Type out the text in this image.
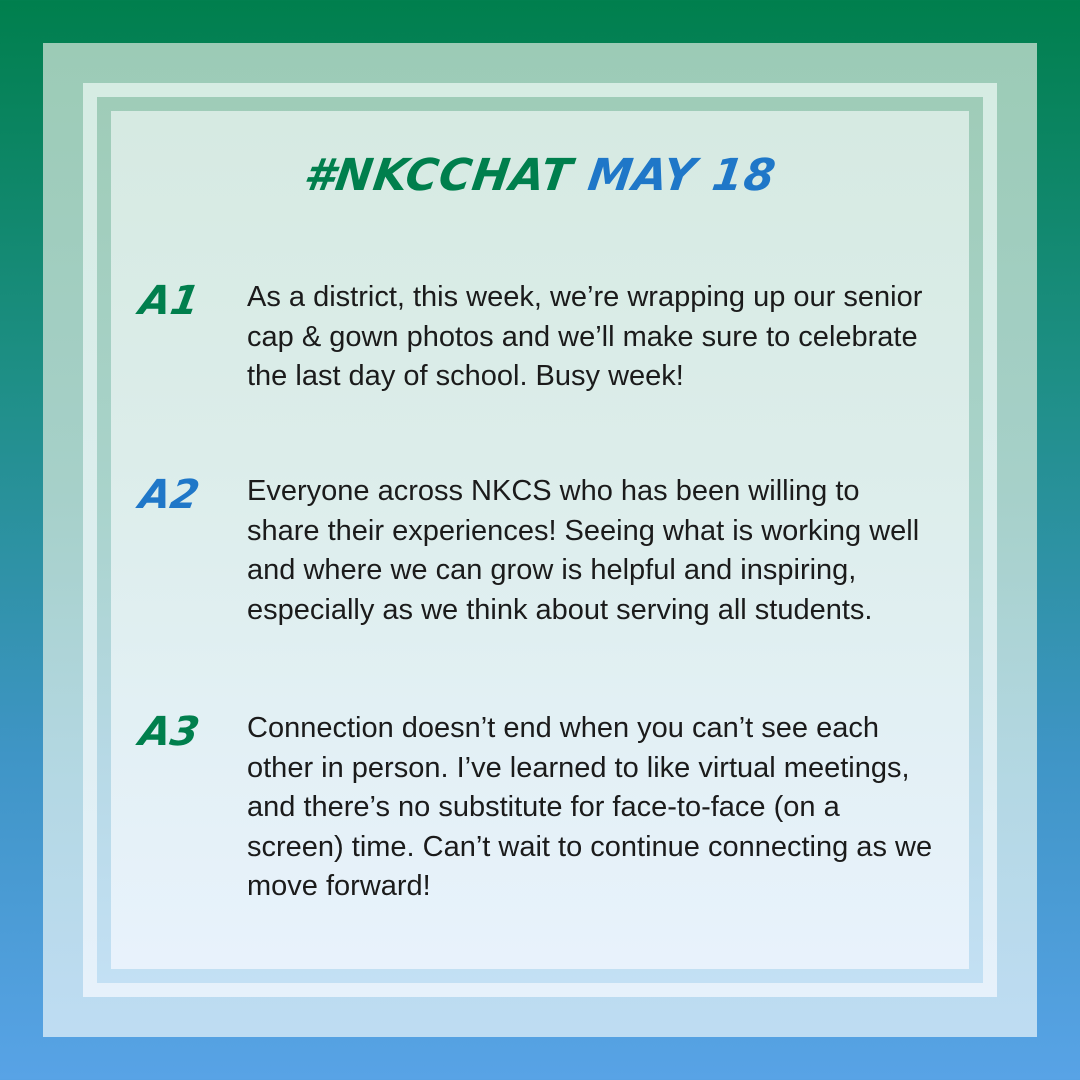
#NKCCHAT MAY 18
A1 As a district, this week, we’re wrapping up our senior cap & gown photos and we’ll make sure to celebrate the last day of school. Busy week!
A2 Everyone across NKCS who has been willing to share their experiences! Seeing what is working well and where we can grow is helpful and inspiring, especially as we think about serving all students.
A3 Connection doesn’t end when you can’t see each other in person. I’ve learned to like virtual meetings, and there’s no substitute for face-to-face (on a screen) time. Can’t wait to continue connecting as we move forward!
